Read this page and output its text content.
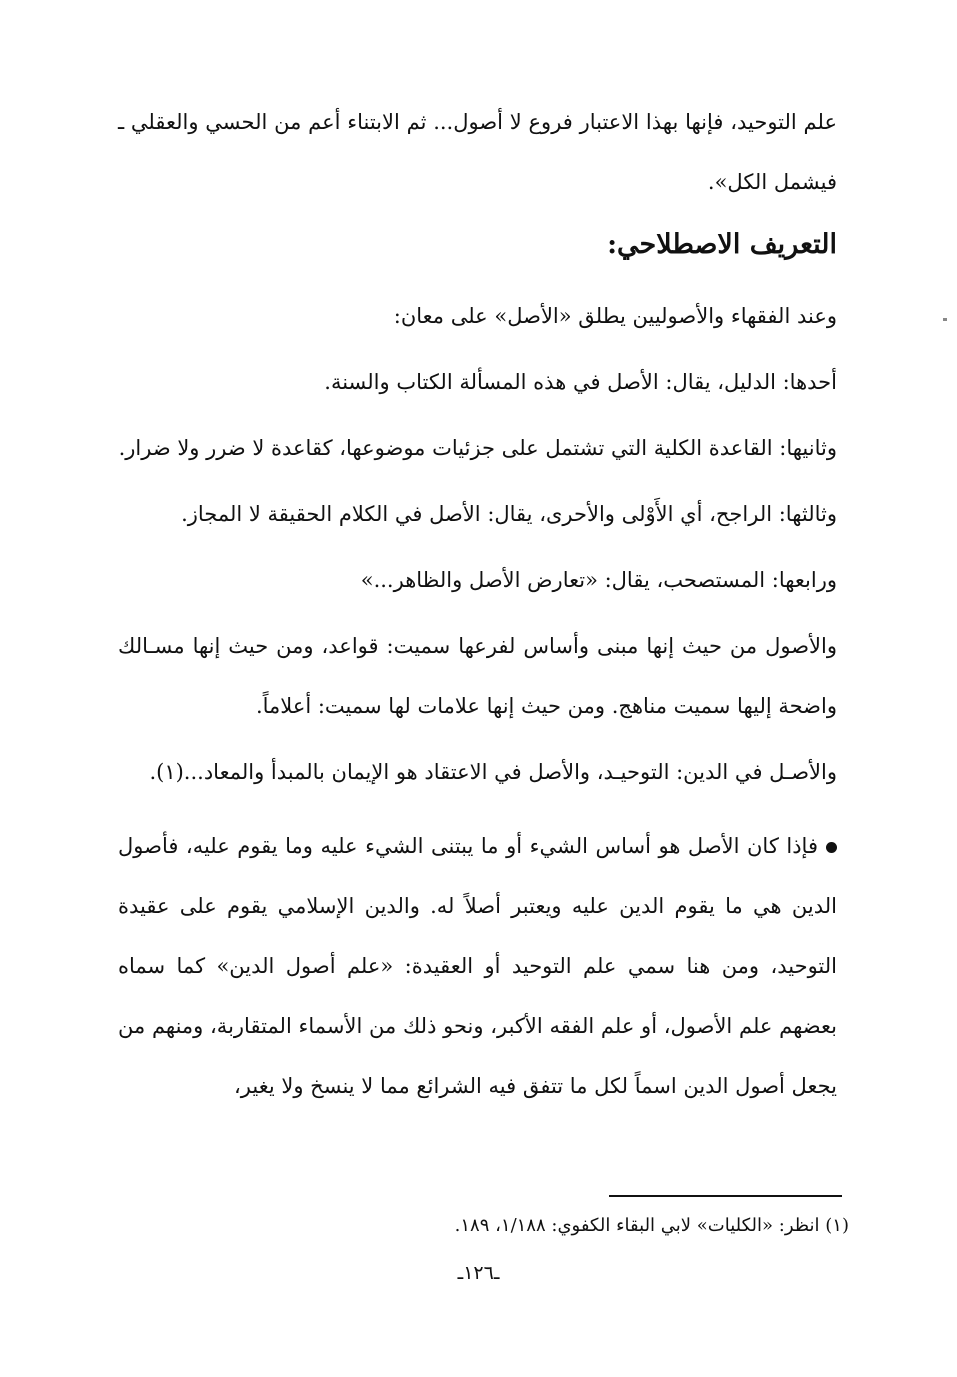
علم التوحيد، فإنها بهذا الاعتبار فروع لا أصول... ثم الابتناء أعم من الحسي والعقلي ـ فيشمل الكل».

التعريف الاصطلاحي:

وعند الفقهاء والأصوليين يطلق «الأصل» على معان:

أحدها: الدليل، يقال: الأصل في هذه المسألة الكتاب والسنة.

وثانيها: القاعدة الكلية التي تشتمل على جزئيات موضوعها، كقاعدة لا ضرر ولا ضرار.

وثالثها: الراجح، أي الأَوْلى والأحرى، يقال: الأصل في الكلام الحقيقة لا المجاز.

ورابعها: المستصحب، يقال: «تعارض الأصل والظاهر...»

والأصول من حيث إنها مبنى وأساس لفرعها سميت: قواعد، ومن حيث إنها مسـالك واضحة إليها سميت مناهج. ومن حيث إنها علامات لها سميت: أعلاماً.

والأصـل في الدين: التوحيـد، والأصل في الاعتقاد هو الإيمان بالمبدأ والمعاد...(١).

فإذا كان الأصل هو أساس الشيء أو ما يبتنى الشيء عليه وما يقوم عليه، فأصول الدين هي ما يقوم الدين عليه ويعتبر أصلاً له. والدين الإسلامي يقوم على عقيدة التوحيد، ومن هنا سمي علم التوحيد أو العقيدة: «علم أصول الدين» كما سماه بعضهم علم الأصول، أو علم الفقه الأكبر، ونحو ذلك من الأسماء المتقاربة، ومنهم من يجعل أصول الدين اسماً لكل ما تتفق فيه الشرائع مما لا ينسخ ولا يغير،

(١) انظر: «الكليات» لابي البقاء الكفوي: ١/١٨٨، ١٨٩.
ـ١٢٦ـ
